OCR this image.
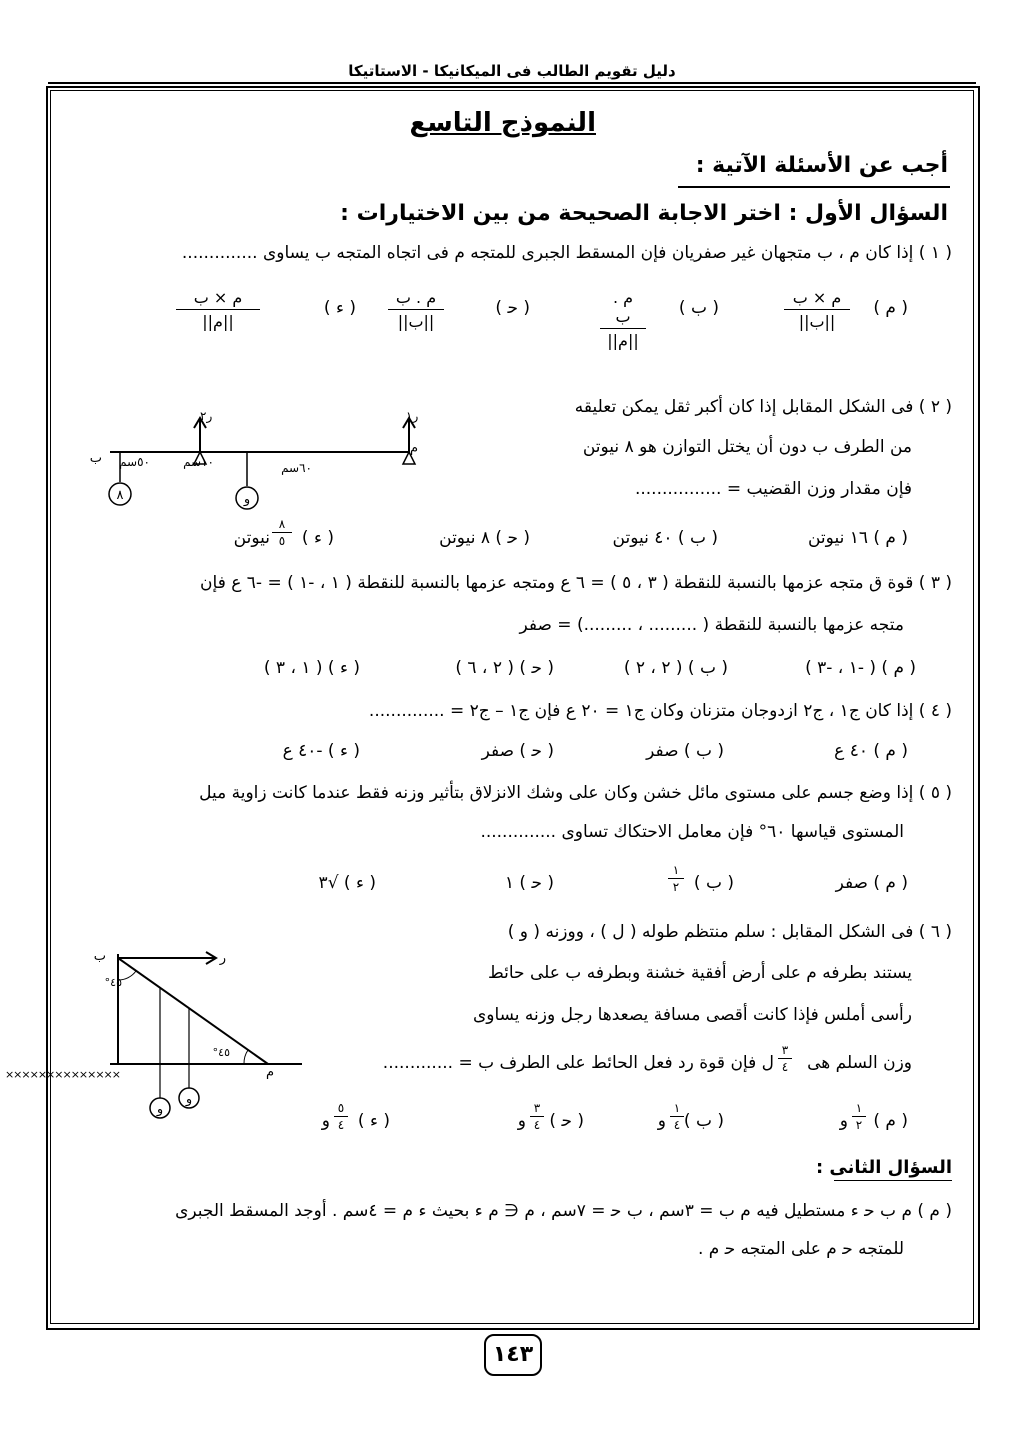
دليل تقويم الطالب فى الميكانيكا - الاستاتيكا
النموذج التاسع
أجب عن الأسئلة الآتية :
السؤال الأول : اختر الاجابة الصحيحة من بين الاختيارات :
( ١ ) إذا كان ﻡ ، ﺏ متجهان غير صفريان فإن المسقط الجبرى للمتجه ﻡ فى اتجاه المتجه ﺏ يساوى ..............
( ﻡ )
ﻡ × ﺏ
||ﺏ||
( ﺏ )
ﻡ . ﺏ
||ﻡ||
( ﺣ )
ﻡ . ﺏ
||ﺏ||
( ﺀ )
ﻡ × ﺏ
||ﻡ||
( ٢ ) فى الشكل المقابل إذا كان أكبر ثقل يمكن تعليقه
من الطرف ﺏ دون أن يختل التوازن هو ٨ نيوتن
فإن مقدار وزن القضيب = ................
ﺭ٢	ﺭ١
ﻡ
ﺏ ٥٠سم	١٠سم	٦٠سم
٨	و
( ﻡ ) ١٦ نيوتن
( ﺏ ) ٤٠ نيوتن
( ﺣ ) ٨ نيوتن
( ﺀ )
٨
٥
نيوتن
( ٣ ) قوة ق متجه عزمها بالنسبة للنقطة ( ٣ ، ٥ ) = ٦ ع ومتجه عزمها بالنسبة للنقطة ( ١ ، -١ ) = -٦ ع فإن
متجه عزمها بالنسبة للنقطة ( ......... ، .........) = صفر
( ﻡ ) ( -١ ، -٣ )
( ﺏ ) ( ٢ ، ٢ )
( ﺣ ) ( ٢ ، ٦ )
( ﺀ ) ( ١ ، ٣ )
( ٤ ) إذا كان ج١ ، ج٢ ازدوجان متزنان وكان ج١ = ٢٠ ع فإن ج١ – ج٢ = ..............
( ﻡ ) ٤٠ ع
( ﺏ ) صفر
( ﺣ ) صفر
( ﺀ ) -٤٠ ع
( ٥ ) إذا وضع جسم على مستوى مائل خشن وكان على وشك الانزلاق بتأثير وزنه فقط عندما كانت زاوية ميل
المستوى قياسها ٦٠° فإن معامل الاحتكاك تساوى ..............
( ﻡ ) صفر
( ﺏ )
١
٢
( ﺣ ) ١
( ﺀ ) √٣
( ٦ ) فى الشكل المقابل : سلم منتظم طوله ( ل ) ، ووزنه ( و )
يستند بطرفه ﻡ على أرض أفقية خشنة وبطرفه ﺏ على حائط
رأسى أملس فإذا كانت أقصى مسافة يصعدها رجل وزنه يساوى
وزن السلم هى
٣
٤
ل فإن قوة رد فعل الحائط على الطرف ﺏ = .............
ﺏ	ﺭ
ﻡ
٤٥°
٤٥°
××××××××××××××
و
و
( ﻡ )
١
٢
و
( ﺏ )
١
٤
و
( ﺣ )
٣
٤
و
( ﺀ )
٥
٤
و
السؤال الثانى :
( ﻡ ) ﻡ ﺏ ﺣ ﺀ مستطيل فيه ﻡ ﺏ = ٣سم ، ﺏ ﺣ = ٧سم ، ﻡ ∈ ﻡ ﺀ بحيث ﺀ ﻡ = ٤سم . أوجد المسقط الجبرى
للمتجه ﺣ ﻡ على المتجه ﺣ ﻡ .
١٤٣
